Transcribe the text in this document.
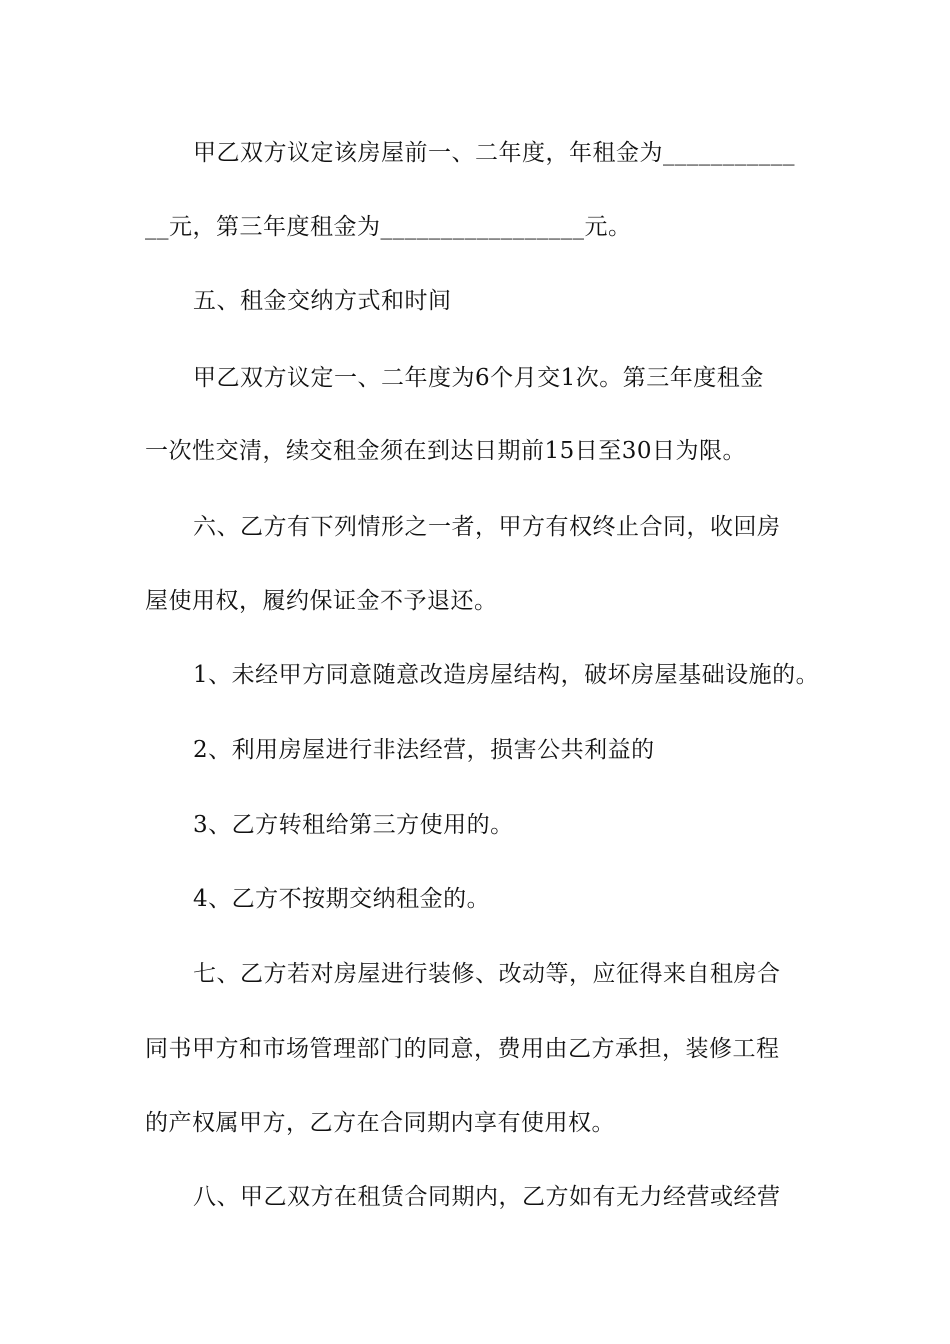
甲乙双方议定该房屋前一、二年度，年租金为___________
__元，第三年度租金为_________________元。
五、租金交纳方式和时间
甲乙双方议定一、二年度为6个月交1次。第三年度租金
一次性交清，续交租金须在到达日期前15日至30日为限。
六、乙方有下列情形之一者，甲方有权终止合同，收回房
屋使用权，履约保证金不予退还。
1、未经甲方同意随意改造房屋结构，破坏房屋基础设施的。
2、利用房屋进行非法经营，损害公共利益的
3、乙方转租给第三方使用的。
4、乙方不按期交纳租金的。
七、乙方若对房屋进行装修、改动等，应征得来自租房合
同书甲方和市场管理部门的同意，费用由乙方承担，装修工程
的产权属甲方，乙方在合同期内享有使用权。
八、甲乙双方在租赁合同期内，乙方如有无力经营或经营
